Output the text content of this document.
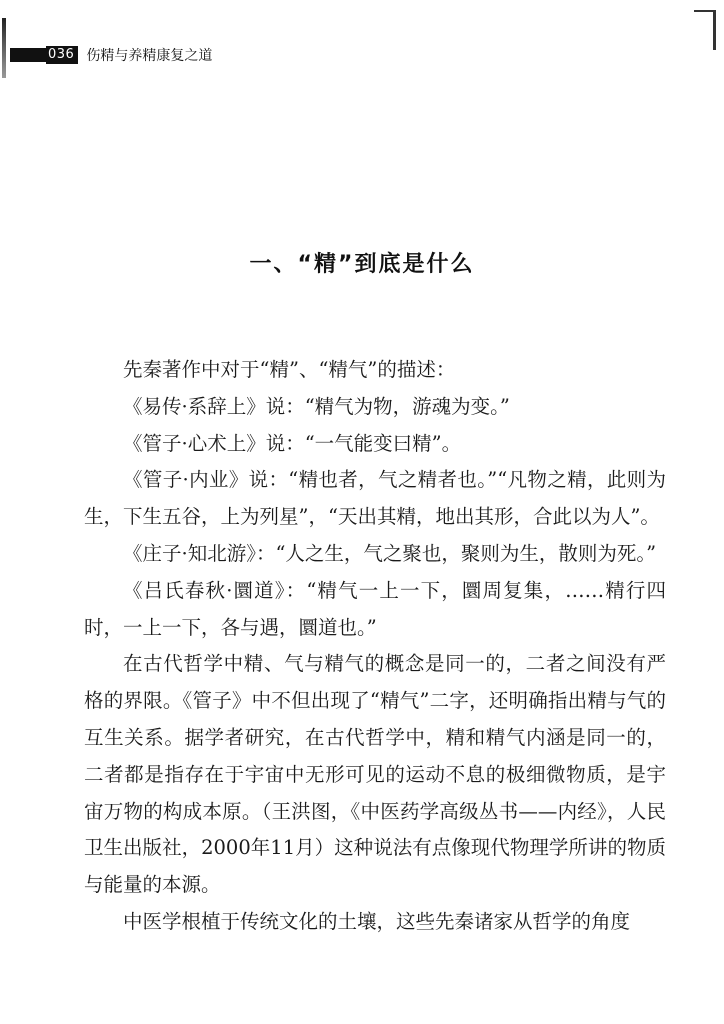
036 伤精与养精康复之道
一、“精”到底是什么

先秦著作中对于“精”、“精气”的描述：

《易传·系辞上》说：“精气为物，游魂为变。”

《管子·心术上》说：“一气能变曰精”。

《管子·内业》说：“精也者，气之精者也。”“凡物之精，此则为生，下生五谷，上为列星”，“天出其精，地出其形，合此以为人”。

《庄子·知北游》：“人之生，气之聚也，聚则为生，散则为死。”

《吕氏春秋·圜道》：“精气一上一下，圜周复集，……精行四时，一上一下，各与遇，圜道也。”

在古代哲学中精、气与精气的概念是同一的，二者之间没有严格的界限。《管子》中不但出现了“精气”二字，还明确指出精与气的互生关系。据学者研究，在古代哲学中，精和精气内涵是同一的，二者都是指存在于宇宙中无形可见的运动不息的极细微物质，是宇宙万物的构成本原。（王洪图，《中医药学高级丛书——内经》，人民卫生出版社，2000年11月）这种说法有点像现代物理学所讲的物质与能量的本源。

中医学根植于传统文化的土壤，这些先秦诸家从哲学的角度
